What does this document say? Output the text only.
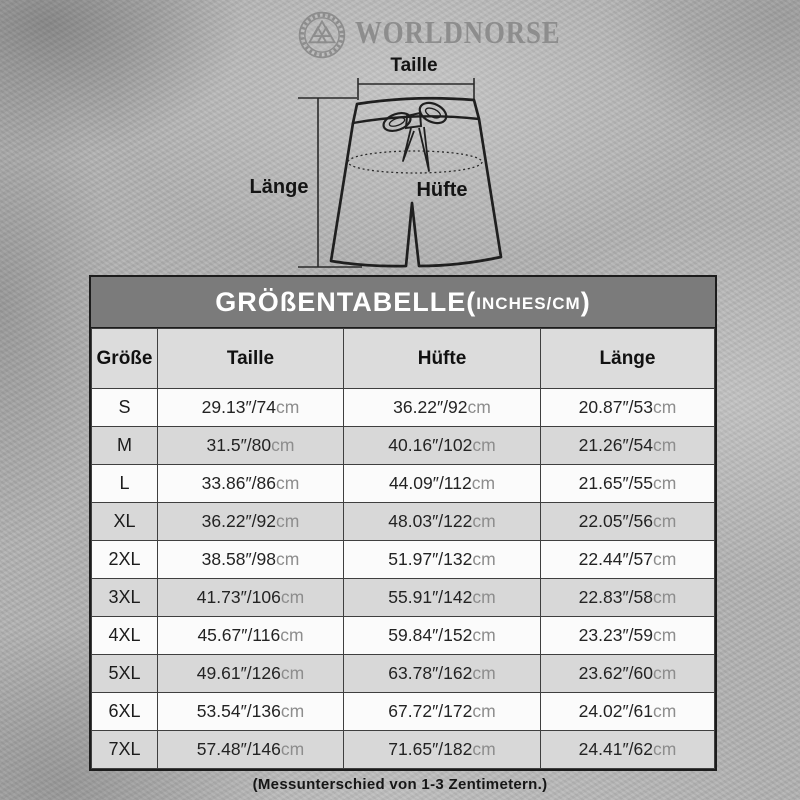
WORLDNORSE
Taille
Länge	Hüfte
GRÖßENTABELLE ( INCHES/CM )
Größe	Taille	Hüfte	Länge
S	29.13″/74cm	36.22″/92cm	20.87″/53cm
M	31.5″/80cm	40.16″/102cm	21.26″/54cm
L	33.86″/86cm	44.09″/112cm	21.65″/55cm
XL	36.22″/92cm	48.03″/122cm	22.05″/56cm
2XL	38.58″/98cm	51.97″/132cm	22.44″/57cm
3XL	41.73″/106cm	55.91″/142cm	22.83″/58cm
4XL	45.67″/116cm	59.84″/152cm	23.23″/59cm
5XL	49.61″/126cm	63.78″/162cm	23.62″/60cm
6XL	53.54″/136cm	67.72″/172cm	24.02″/61cm
7XL	57.48″/146cm	71.65″/182cm	24.41″/62cm
(Messunterschied von 1-3 Zentimetern.)
